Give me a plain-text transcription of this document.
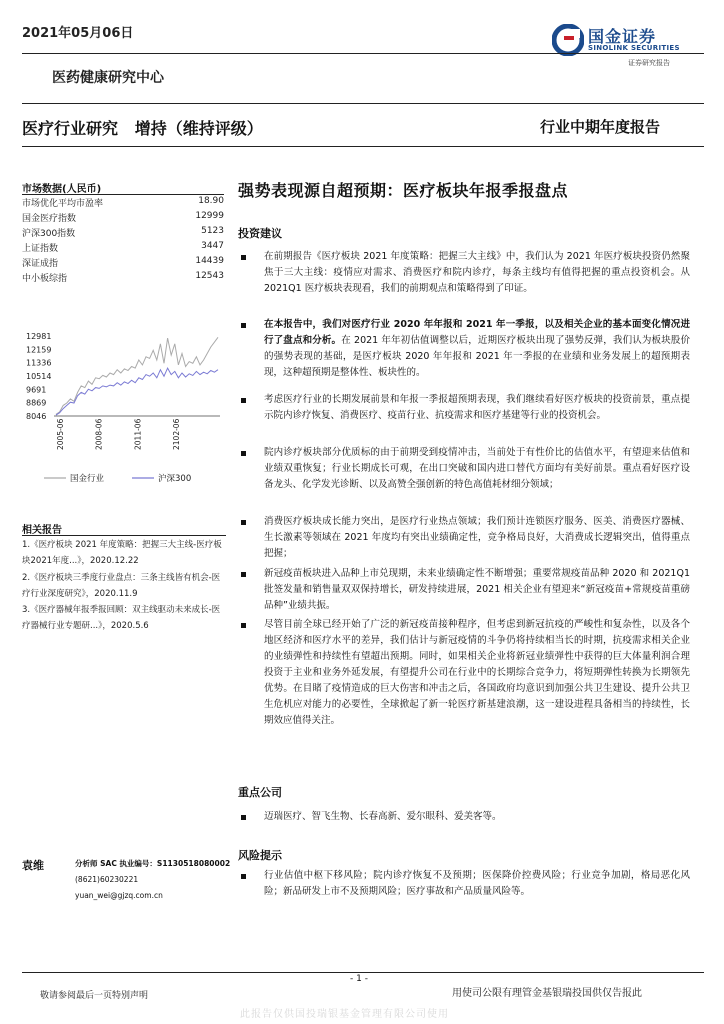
2021年05月06日	国金证券
SINOLINK SECURITIES
证券研究报告
医药健康研究中心
医疗行业研究   增持（维持评级）	行业中期年度报告
市场数据(人民币)
市场优化平均市盈率	18.90
国金医疗指数	12999
沪深300指数	5123
上证指数	3447
深证成指	14439
中小板综指	12543
12981
12159
11336
10514
9691
8869
8046
2005-06	2008-06	2011-06	2102-06
国金行业	沪深300
相关报告
1.《医疗板块 2021 年度策略：把握三大主线-医疗板块2021年度...》，2020.12.22
2.《医疗板块三季度行业盘点：三条主线皆有机会-医疗行业深度研究》，2020.11.9
3.《医疗器械年报季报回顾：双主线驱动未来成长-医疗器械行业专题研...》，2020.5.6
袁维	分析师 SAC 执业编号：S1130518080002
(8621)60230221
yuan_wei@gjzq.com.cn
强势表现源自超预期：医疗板块年报季报盘点
投资建议
在前期报告《医疗板块 2021 年度策略：把握三大主线》中，我们认为 2021 年医疗板块投资仍然聚焦于三大主线：疫情应对需求、消费医疗和院内诊疗，每条主线均有值得把握的重点投资机会。从 2021Q1 医疗板块表现看，我们的前期观点和策略得到了印证。
在本报告中，我们对医疗行业 2020 年年报和 2021 年一季报，以及相关企业的基本面变化情况进行了盘点和分析。在 2021 年年初估值调整以后，近期医疗板块出现了强势反弹，我们认为板块股价的强势表现的基础，是医疗板块 2020 年年报和 2021 年一季报的在业绩和业务发展上的超预期表现，这种超预期是整体性、板块性的。
考虑医疗行业的长期发展前景和年报一季报超预期表现，我们继续看好医疗板块的投资前景，重点提示院内诊疗恢复、消费医疗、疫苗行业、抗疫需求和医疗基建等行业的投资机会。
院内诊疗板块部分优质标的由于前期受到疫情冲击，当前处于有性价比的估值水平，有望迎来估值和业绩双重恢复；行业长期成长可观，在出口突破和国内进口替代方面均有美好前景。重点看好医疗设备龙头、化学发光诊断、以及高赞全强创新的特色高值耗材细分领域；
消费医疗板块成长能力突出，是医疗行业热点领域；我们预计连锁医疗服务、医美、消费医疗器械、生长激素等领域在 2021 年度均有突出业绩确定性，竞争格局良好，大消费成长逻辑突出，值得重点把握；
新冠疫苗板块进入品种上市兑现期，未来业绩确定性不断增强；重要常规疫苗品种 2020 和 2021Q1 批签发量和销售量双双保持增长，研发持续进展，2021 相关企业有望迎来“新冠疫苗+常规疫苗重磅品种”业绩共振。
尽管目前全球已经开始了广泛的新冠疫苗接种程序，但考虑到新冠抗疫的严峻性和复杂性，以及各个地区经济和医疗水平的差异，我们估计与新冠疫情的斗争仍将持续相当长的时期，抗疫需求相关企业的业绩弹性和持续性有望超出预期。同时，如果相关企业将新冠业绩弹性中获得的巨大体量利润合理投资于主业和业务外延发展，有望提升公司在行业中的长期综合竞争力，将短期弹性转换为长期领先优势。在目睹了疫情造成的巨大伤害和冲击之后，各国政府均意识到加强公共卫生建设、提升公共卫生危机应对能力的必要性，全球掀起了新一轮医疗新基建浪潮，这一建设进程具备相当的持续性，长期效应值得关注。
重点公司
迈瑞医疗、智飞生物、长春高新、爱尔眼科、爱美客等。
风险提示
行业估值中枢下移风险；院内诊疗恢复不及预期；医保降价控费风险；行业竞争加剧，格局恶化风险；新品研发上市不及预期风险；医疗事故和产品质量风险等。
- 1 -
敬请参阅最后一页特别声明	用使司公限有理管金基银瑞投国供仅告报此
此报告仅供国投瑞银基金管理有限公司使用
